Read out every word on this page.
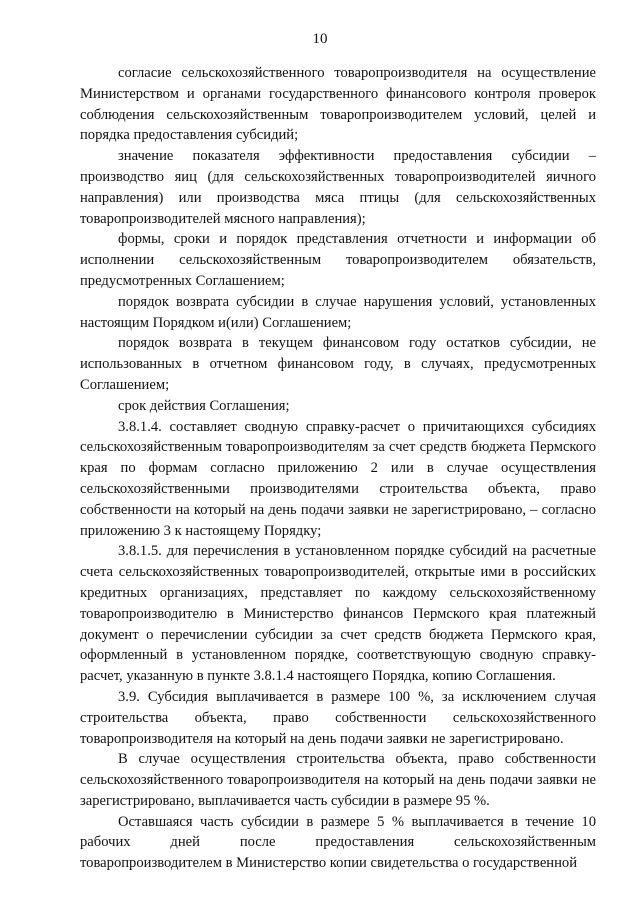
10

согласие сельскохозяйственного товаропроизводителя на осуществление Министерством и органами государственного финансового контроля проверок соблюдения сельскохозяйственным товаропроизводителем условий, целей и порядка предоставления субсидий;

значение показателя эффективности предоставления субсидии – производство яиц (для сельскохозяйственных товаропроизводителей яичного направления) или производства мяса птицы (для сельскохозяйственных товаропроизводителей мясного направления);

формы, сроки и порядок представления отчетности и информации об исполнении сельскохозяйственным товаропроизводителем обязательств, предусмотренных Соглашением;

порядок возврата субсидии в случае нарушения условий, установленных настоящим Порядком и(или) Соглашением;

порядок возврата в текущем финансовом году остатков субсидии, не использованных в отчетном финансовом году, в случаях, предусмотренных Соглашением;

срок действия Соглашения;

3.8.1.4. составляет сводную справку-расчет о причитающихся субсидиях сельскохозяйственным товаропроизводителям за счет средств бюджета Пермского края по формам согласно приложению 2 или в случае осуществления сельскохозяйственными производителями строительства объекта, право собственности на который на день подачи заявки не зарегистрировано, – согласно приложению 3 к настоящему Порядку;

3.8.1.5. для перечисления в установленном порядке субсидий на расчетные счета сельскохозяйственных товаропроизводителей, открытые ими в российских кредитных организациях, представляет по каждому сельскохозяйственному товаропроизводителю в Министерство финансов Пермского края платежный документ о перечислении субсидии за счет средств бюджета Пермского края, оформленный в установленном порядке, соответствующую сводную справку-расчет, указанную в пункте 3.8.1.4 настоящего Порядка, копию Соглашения.

3.9. Субсидия выплачивается в размере 100 %, за исключением случая строительства объекта, право собственности сельскохозяйственного товаропроизводителя на который на день подачи заявки не зарегистрировано.

В случае осуществления строительства объекта, право собственности сельскохозяйственного товаропроизводителя на который на день подачи заявки не зарегистрировано, выплачивается часть субсидии в размере 95 %.

Оставшаяся часть субсидии в размере 5 % выплачивается в течение 10 рабочих дней после предоставления сельскохозяйственным товаропроизводителем в Министерство копии свидетельства о государственной
